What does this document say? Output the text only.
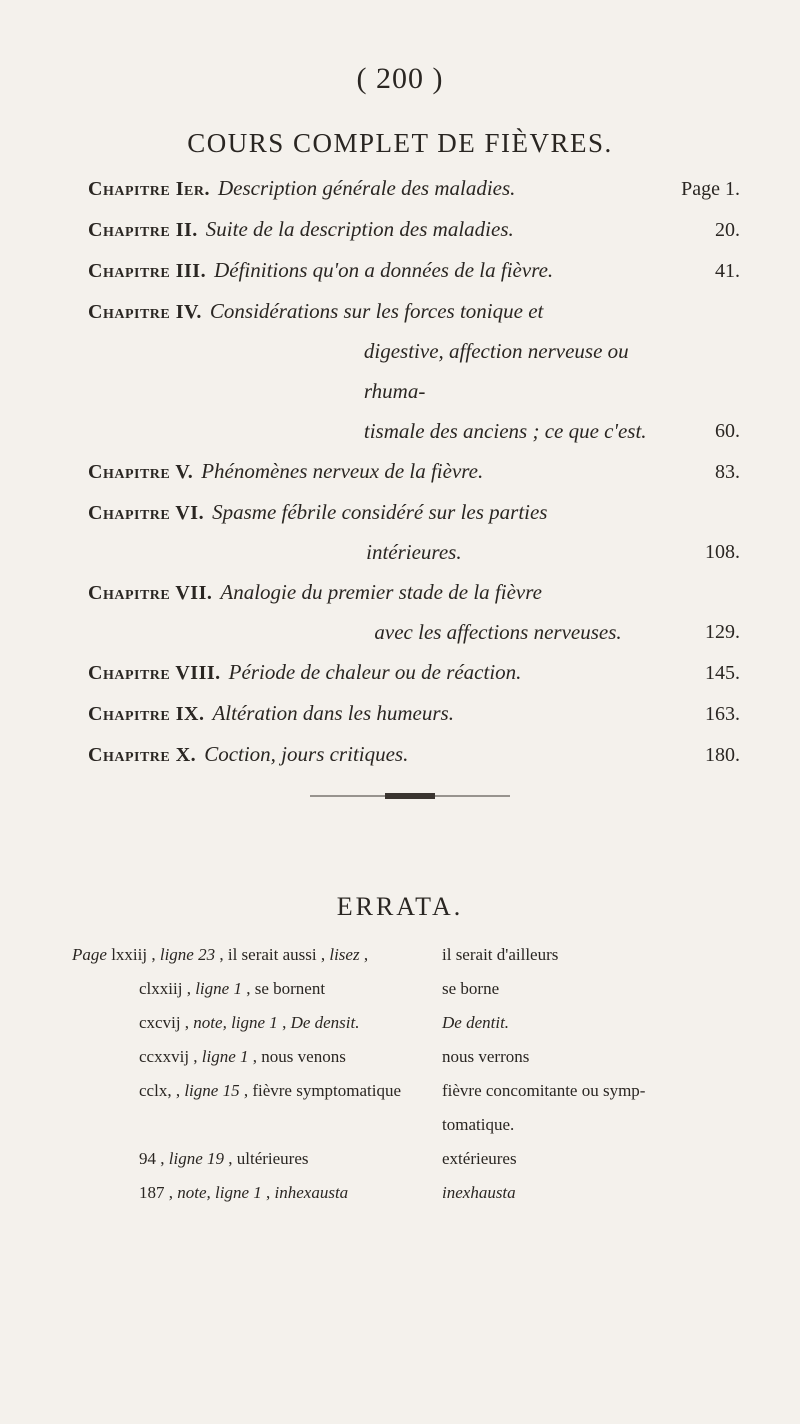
( 200 )
COURS COMPLET DE FIÈVRES.
Chapitre Ier. Description générale des maladies.	Page 1.
Chapitre II. Suite de la description des maladies.	20.
Chapitre III. Définitions qu'on a données de la fièvre.	41.
Chapitre IV. Considérations sur les forces tonique et
digestive, affection nerveuse ou rhuma-
tismale des anciens ; ce que c'est.	60.
Chapitre V. Phénomènes nerveux de la fièvre.	83.
Chapitre VI. Spasme fébrile considéré sur les parties
intérieures.	108.
Chapitre VII. Analogie du premier stade de la fièvre
avec les affections nerveuses.	129.
Chapitre VIII. Période de chaleur ou de réaction.	145.
Chapitre IX. Altération dans les humeurs.	163.
Chapitre X. Coction, jours critiques.	180.
ERRATA.
Page lxxiij , ligne 23 , il serait aussi , lisez ,	il serait d'ailleurs
clxxiij , ligne 1 , se bornent	se borne
cxcvij , note, ligne 1 , De densit.	De dentit.
ccxxvij , ligne 1 , nous venons	nous verrons
cclx, , ligne 15 , fièvre symptomatique	fièvre concomitante ou symp-
tomatique.
94 , ligne 19 , ultérieures	extérieures
187 , note, ligne 1 , inhexausta	inexhausta
